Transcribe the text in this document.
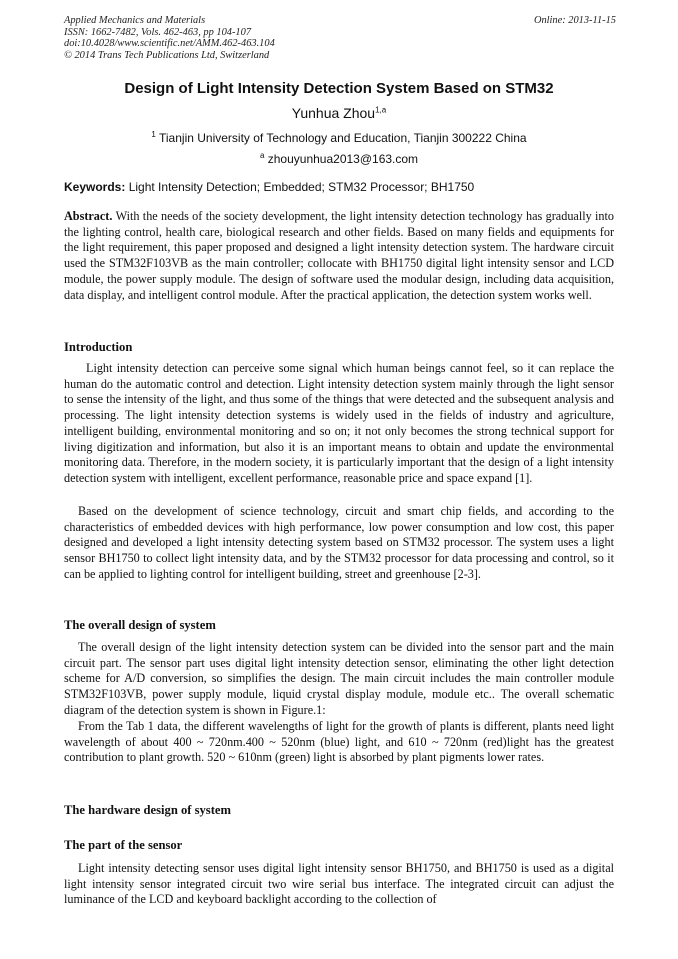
Applied Mechanics and Materials
ISSN: 1662-7482, Vols. 462-463, pp 104-107
doi:10.4028/www.scientific.net/AMM.462-463.104
© 2014 Trans Tech Publications Ltd, Switzerland
Online: 2013-11-15
Design of Light Intensity Detection System Based on STM32
Yunhua Zhou$^{1,a}$
$^1$ Tianjin University of Technology and Education, Tianjin 300222 China
$^a$ zhouyunhua2013@163.com
Keywords: Light Intensity Detection; Embedded; STM32 Processor; BH1750
Abstract. With the needs of the society development, the light intensity detection technology has gradually into the lighting control, health care, biological research and other fields. Based on many fields and equipments for the light requirement, this paper proposed and designed a light intensity detection system. The hardware circuit used the STM32F103VB as the main controller; collocate with BH1750 digital light intensity sensor and LCD module, the power supply module. The design of software used the modular design, including data acquisition, data display, and intelligent control module. After the practical application, the detection system works well.
Introduction
Light intensity detection can perceive some signal which human beings cannot feel, so it can replace the human do the automatic control and detection. Light intensity detection system mainly through the light sensor to sense the intensity of the light, and thus some of the things that were detected and the subsequent analysis and processing. The light intensity detection systems is widely used in the fields of industry and agriculture, intelligent building, environmental monitoring and so on; it not only becomes the strong technical support for living digitization and information, but also it is an important means to obtain and update the environmental monitoring data. Therefore, in the modern society, it is particularly important that the design of a light intensity detection system with intelligent, excellent performance, reasonable price and space expand [1].
Based on the development of science technology, circuit and smart chip fields, and according to the characteristics of embedded devices with high performance, low power consumption and low cost, this paper designed and developed a light intensity detecting system based on STM32 processor. The system uses a light sensor BH1750 to collect light intensity data, and by the STM32 processor for data processing and control, so it can be applied to lighting control for intelligent building, street and greenhouse [2-3].
The overall design of system
The overall design of the light intensity detection system can be divided into the sensor part and the main circuit part. The sensor part uses digital light intensity detection sensor, eliminating the other light detection scheme for A/D conversion, so simplifies the design. The main circuit includes the main controller module STM32F103VB, power supply module, liquid crystal display module, module etc.. The overall schematic diagram of the detection system is shown in Figure.1:
From the Tab 1 data, the different wavelengths of light for the growth of plants is different, plants need light wavelength of about 400 ~ 720nm.400 ~ 520nm (blue) light, and 610 ~ 720nm (red)light has the greatest contribution to plant growth. 520 ~ 610nm (green) light is absorbed by plant pigments lower rates.
The hardware design of system
The part of the sensor
Light intensity detecting sensor uses digital light intensity sensor BH1750, and BH1750 is used as a digital light intensity sensor integrated circuit two wire serial bus interface. The integrated circuit can adjust the luminance of the LCD and keyboard backlight according to the collection of
